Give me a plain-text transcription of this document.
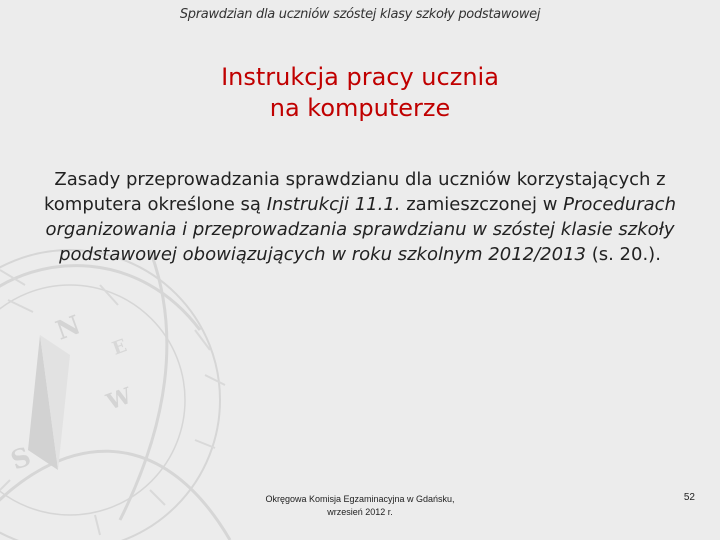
N
S
W
E
Sprawdzian dla uczniów szóstej klasy szkoły podstawowej
Instrukcja pracy ucznia
na komputerze
Zasady przeprowadzania sprawdzianu dla uczniów korzystających z komputera określone są Instrukcji 11.1. zamieszczonej w Procedurach organizowania i przeprowadzania sprawdzianu w szóstej klasie szkoły podstawowej obowiązujących w roku szkolnym 2012/2013 (s. 20.).
Okręgowa Komisja Egzaminacyjna w Gdańsku,
wrzesień 2012 r.
52
